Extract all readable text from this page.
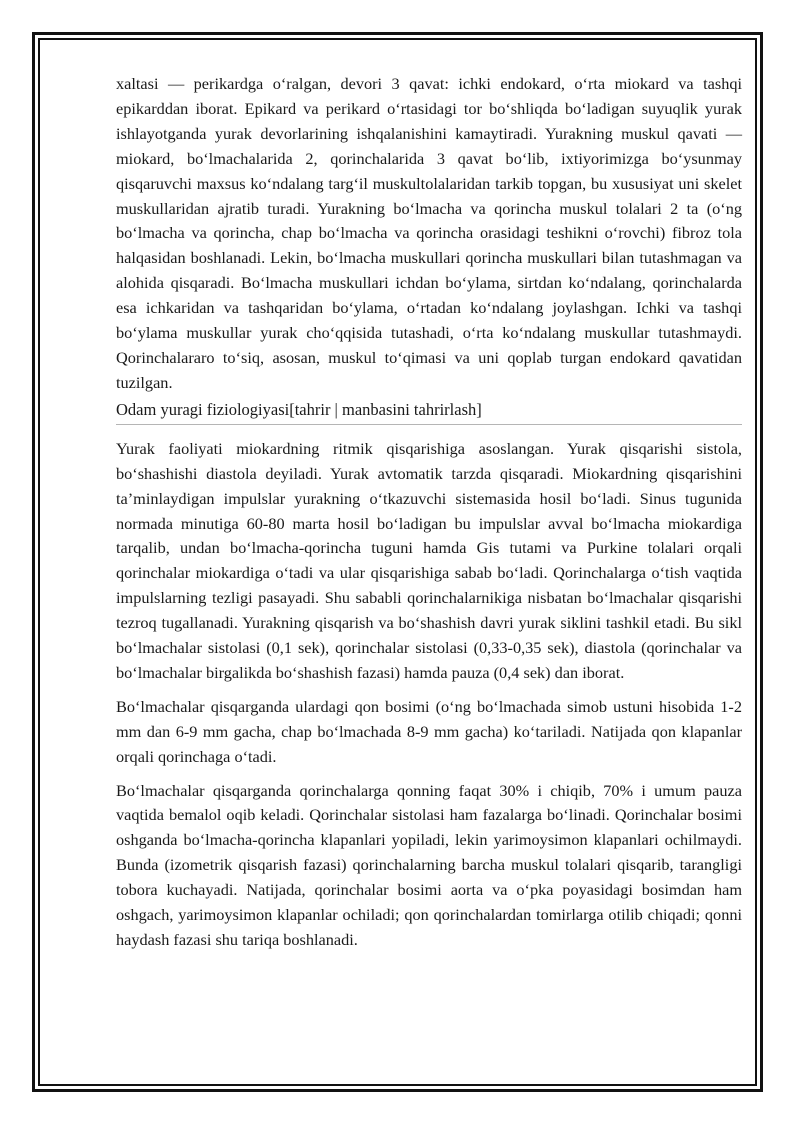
xaltasi — perikardga oʻralgan, devori 3 qavat: ichki endokard, oʻrta miokard va tashqi epikarddan iborat. Epikard va perikard oʻrtasidagi tor boʻshliqda boʻladigan suyuqlik yurak ishlayotganda yurak devorlarining ishqalanishini kamaytiradi. Yurakning muskul qavati — miokard, boʻlmachalarida 2, qorinchalarida 3 qavat boʻlib, ixtiyorimizga boʻysunmay qisqaruvchi maxsus koʻndalang targʻil muskultolalaridan tarkib topgan, bu xususiyat uni skelet muskullaridan ajratib turadi. Yurakning boʻlmacha va qorincha muskul tolalari 2 ta (oʻng boʻlmacha va qorincha, chap boʻlmacha va qorincha orasidagi teshikni oʻrovchi) fibroz tola halqasidan boshlanadi. Lekin, boʻlmacha muskullari qorincha muskullari bilan tutashmagan va alohida qisqaradi. Boʻlmacha muskullari ichdan boʻylama, sirtdan koʻndalang, qorinchalarda esa ichkaridan va tashqaridan boʻylama, oʻrtadan koʻndalang joylashgan. Ichki va tashqi boʻylama muskullar yurak choʻqqisida tutashadi, oʻrta koʻndalang muskullar tutashmaydi. Qorinchalararo toʻsiq, asosan, muskul toʻqimasi va uni qoplab turgan endokard qavatidan tuzilgan.

Odam yuragi fiziologiyasi[tahrir | manbasini tahrirlash]

Yurak faoliyati miokardning ritmik qisqarishiga asoslangan. Yurak qisqarishi sistola, boʻshashishi diastola deyiladi. Yurak avtomatik tarzda qisqaradi. Miokardning qisqarishini taʼminlaydigan impulslar yurakning oʻtkazuvchi sistemasida hosil boʻladi. Sinus tugunida normada minutiga 60-80 marta hosil boʻladigan bu impulslar avval boʻlmacha miokardiga tarqalib, undan boʻlmacha-qorincha tuguni hamda Gis tutami va Purkine tolalari orqali qorinchalar miokardiga oʻtadi va ular qisqarishiga sabab boʻladi. Qorinchalarga oʻtish vaqtida impulslarning tezligi pasayadi. Shu sababli qorinchalarnikiga nisbatan boʻlmachalar qisqarishi tezroq tugallanadi. Yurakning qisqarish va boʻshashish davri yurak siklini tashkil etadi. Bu sikl boʻlmachalar sistolasi (0,1 sek), qorinchalar sistolasi (0,33-0,35 sek), diastola (qorinchalar va boʻlmachalar birgalikda boʻshashish fazasi) hamda pauza (0,4 sek) dan iborat.

Boʻlmachalar qisqarganda ulardagi qon bosimi (oʻng boʻlmachada simob ustuni hisobida 1-2 mm dan 6-9 mm gacha, chap boʻlmachada 8-9 mm gacha) koʻtariladi. Natijada qon klapanlar orqali qorinchaga oʻtadi.

Boʻlmachalar qisqarganda qorinchalarga qonning faqat 30% i chiqib, 70% i umum pauza vaqtida bemalol oqib keladi. Qorinchalar sistolasi ham fazalarga boʻlinadi. Qorinchalar bosimi oshganda boʻlmacha-qorincha klapanlari yopiladi, lekin yarimoysimon klapanlari ochilmaydi. Bunda (izometrik qisqarish fazasi) qorinchalarning barcha muskul tolalari qisqarib, tarangligi tobora kuchayadi. Natijada, qorinchalar bosimi aorta va oʻpka poyasidagi bosimdan ham oshgach, yarimoysimon klapanlar ochiladi; qon qorinchalardan tomirlarga otilib chiqadi; qonni haydash fazasi shu tariqa boshlanadi.
